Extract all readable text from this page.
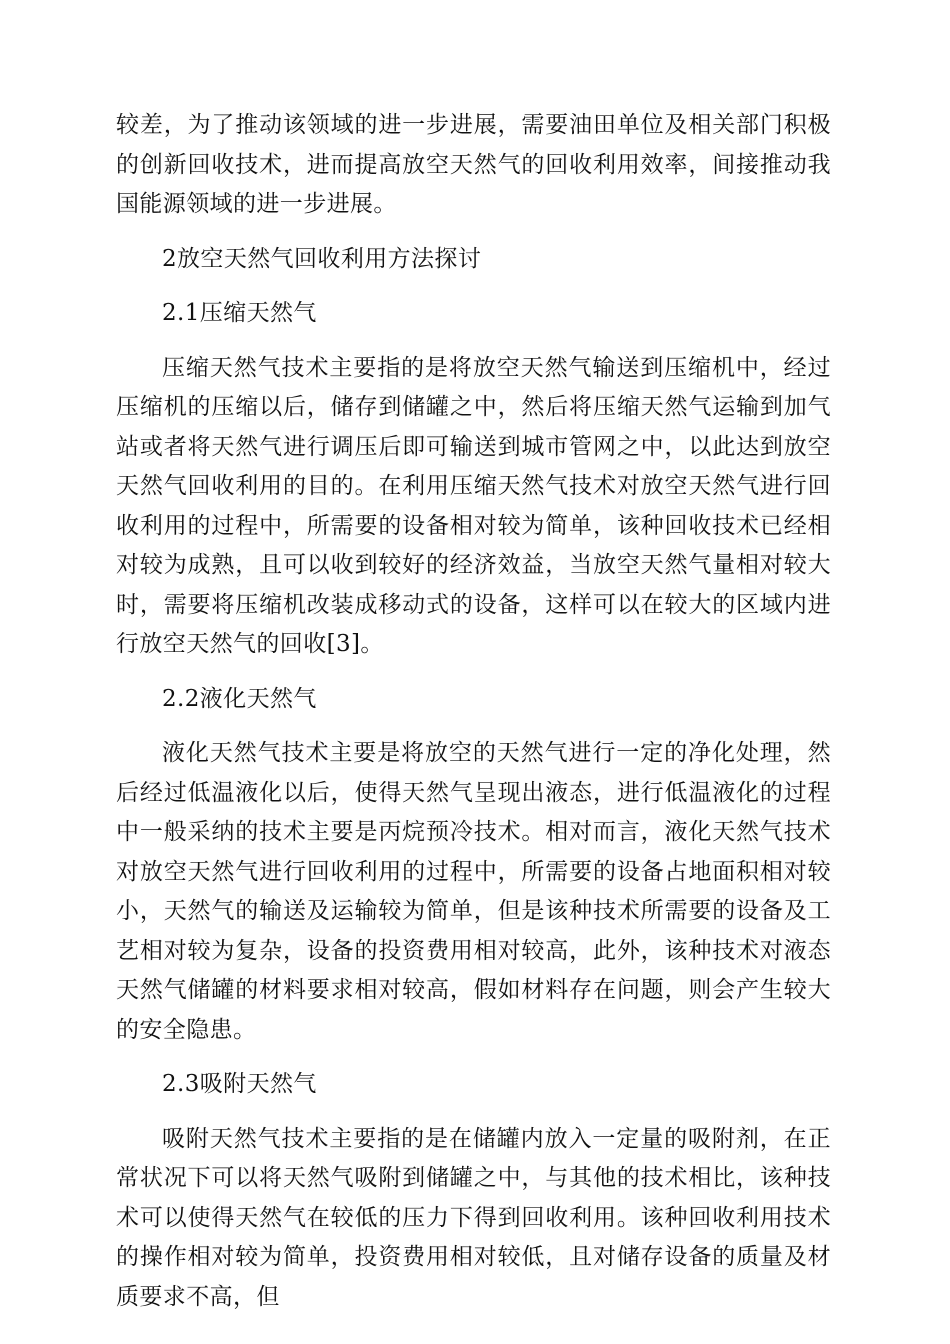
较差，为了推动该领域的进一步进展，需要油田单位及相关部门积极的创新回收技术，进而提高放空天然气的回收利用效率，间接推动我国能源领域的进一步进展。

2放空天然气回收利用方法探讨

2.1压缩天然气

压缩天然气技术主要指的是将放空天然气输送到压缩机中，经过压缩机的压缩以后，储存到储罐之中，然后将压缩天然气运输到加气站或者将天然气进行调压后即可输送到城市管网之中，以此达到放空天然气回收利用的目的。在利用压缩天然气技术对放空天然气进行回收利用的过程中，所需要的设备相对较为简单，该种回收技术已经相对较为成熟，且可以收到较好的经济效益，当放空天然气量相对较大时，需要将压缩机改装成移动式的设备，这样可以在较大的区域内进行放空天然气的回收[3]。

2.2液化天然气

液化天然气技术主要是将放空的天然气进行一定的净化处理，然后经过低温液化以后，使得天然气呈现出液态，进行低温液化的过程中一般采纳的技术主要是丙烷预冷技术。相对而言，液化天然气技术对放空天然气进行回收利用的过程中，所需要的设备占地面积相对较小，天然气的输送及运输较为简单，但是该种技术所需要的设备及工艺相对较为复杂，设备的投资费用相对较高，此外，该种技术对液态天然气储罐的材料要求相对较高，假如材料存在问题，则会产生较大的安全隐患。

2.3吸附天然气

吸附天然气技术主要指的是在储罐内放入一定量的吸附剂，在正常状况下可以将天然气吸附到储罐之中，与其他的技术相比，该种技术可以使得天然气在较低的压力下得到回收利用。该种回收利用技术的操作相对较为简单，投资费用相对较低，且对储存设备的质量及材质要求不高，但
